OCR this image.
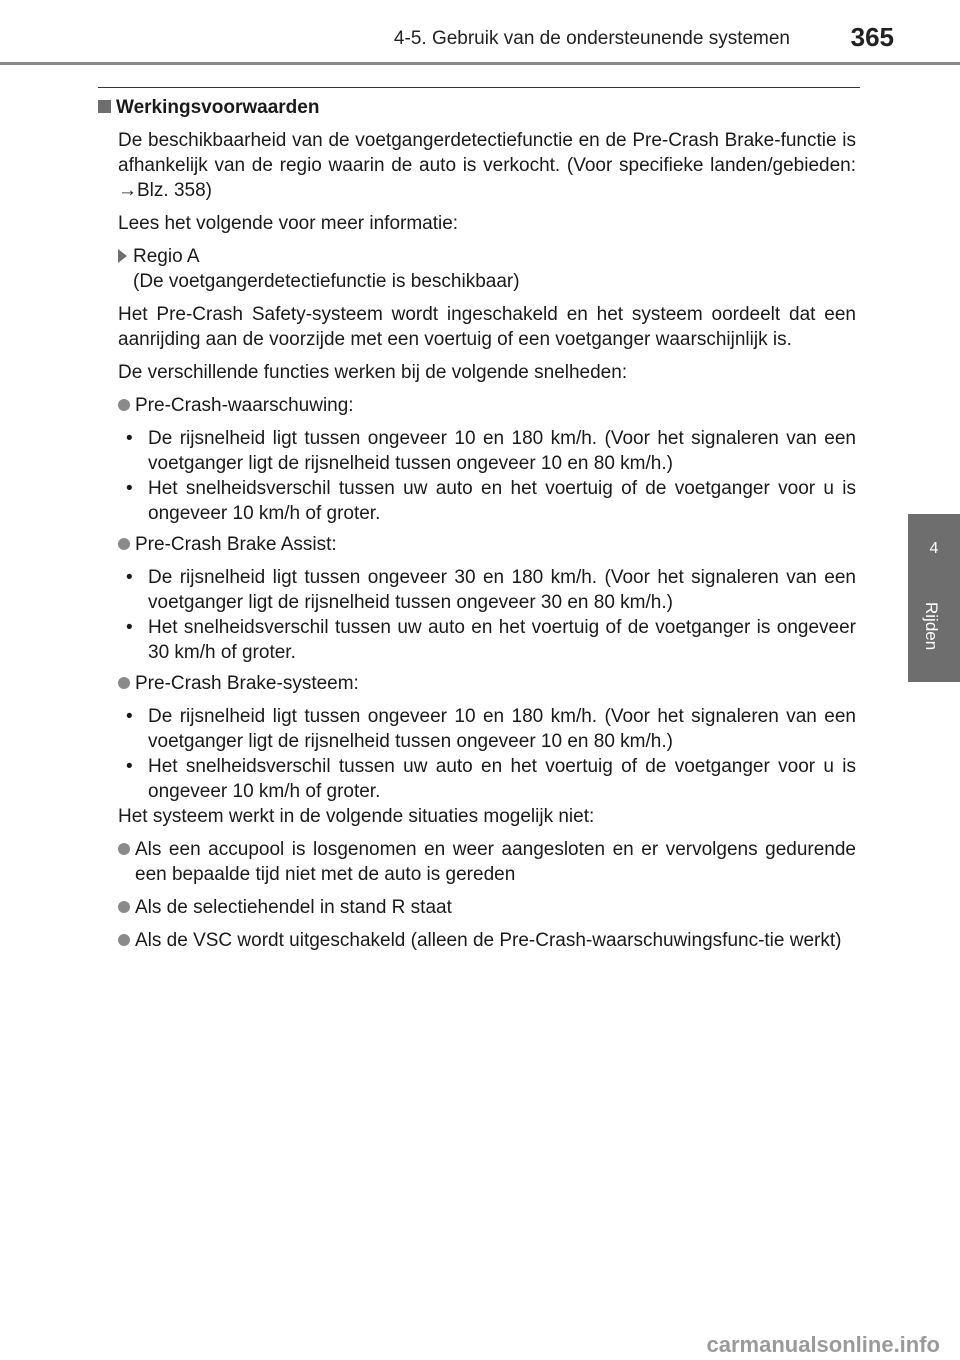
4-5. Gebruik van de ondersteunende systemen 365
4
Rijden
Werkingsvoorwaarden

De beschikbaarheid van de voetgangerdetectiefunctie en de Pre-Crash Brake-functie is afhankelijk van de regio waarin de auto is verkocht. (Voor specifieke landen/gebieden: →Blz. 358)

Lees het volgende voor meer informatie:

Regio A
(De voetgangerdetectiefunctie is beschikbaar)

Het Pre-Crash Safety-systeem wordt ingeschakeld en het systeem oordeelt dat een aanrijding aan de voorzijde met een voertuig of een voetganger waarschijnlijk is.

De verschillende functies werken bij de volgende snelheden:

Pre-Crash-waarschuwing:
• De rijsnelheid ligt tussen ongeveer 10 en 180 km/h. (Voor het signaleren van een voetganger ligt de rijsnelheid tussen ongeveer 10 en 80 km/h.)
• Het snelheidsverschil tussen uw auto en het voertuig of de voetganger voor u is ongeveer 10 km/h of groter.
Pre-Crash Brake Assist:
• De rijsnelheid ligt tussen ongeveer 30 en 180 km/h. (Voor het signaleren van een voetganger ligt de rijsnelheid tussen ongeveer 30 en 80 km/h.)
• Het snelheidsverschil tussen uw auto en het voertuig of de voetganger is ongeveer 30 km/h of groter.
Pre-Crash Brake-systeem:
• De rijsnelheid ligt tussen ongeveer 10 en 180 km/h. (Voor het signaleren van een voetganger ligt de rijsnelheid tussen ongeveer 10 en 80 km/h.)
• Het snelheidsverschil tussen uw auto en het voertuig of de voetganger voor u is ongeveer 10 km/h of groter.

Het systeem werkt in de volgende situaties mogelijk niet:

Als een accupool is losgenomen en weer aangesloten en er vervolgens gedurende een bepaalde tijd niet met de auto is gereden
Als de selectiehendel in stand R staat
Als de VSC wordt uitgeschakeld (alleen de Pre-Crash-waarschuwingsfunc-tie werkt)
carmanualsonline.info
